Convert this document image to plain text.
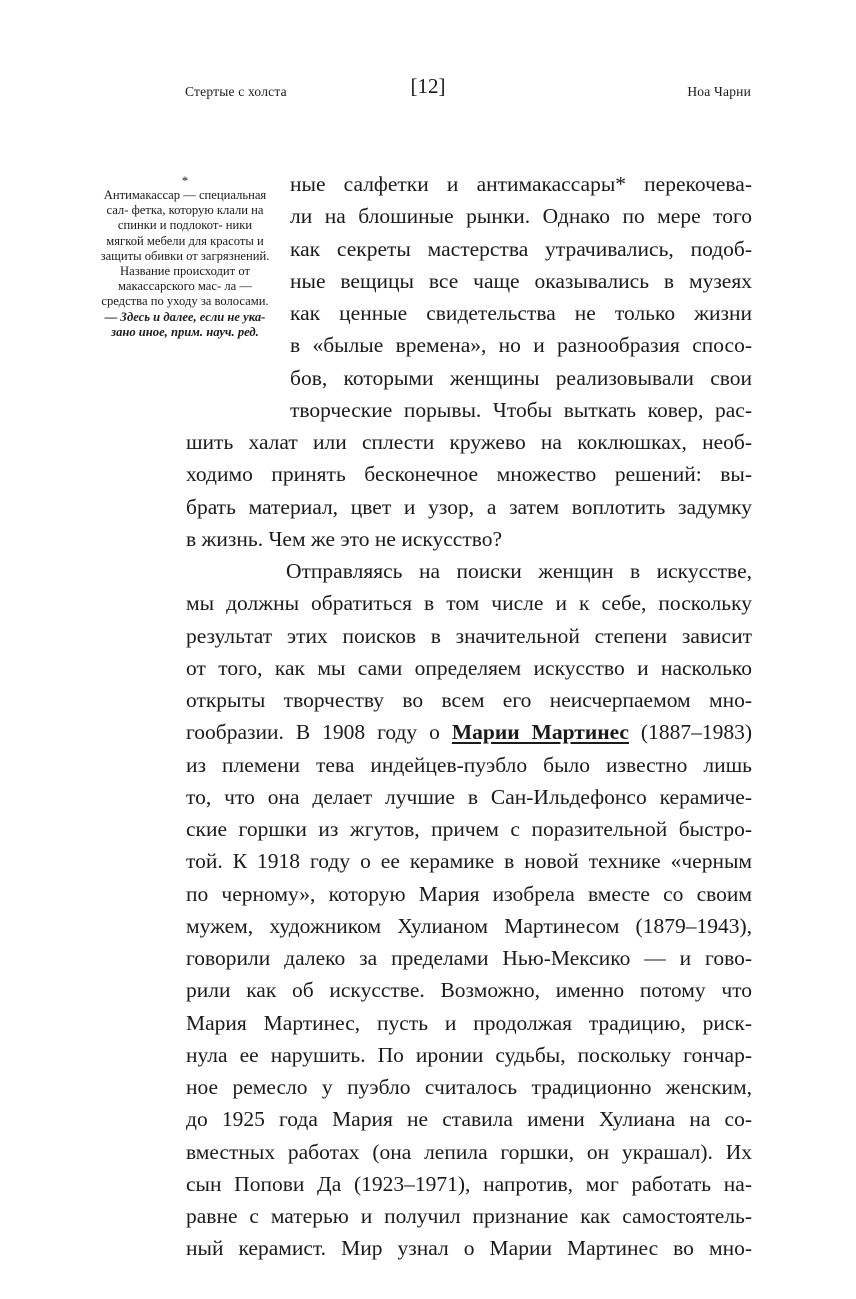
Стертые с холста	[12]	Ноа Чарни
*
Антимакассар — специальная сал- фетка, которую клали на спинки и подлокот- ники мягкой мебели для красоты и защиты обивки от загрязнений. Название происходит от макассарского мас- ла — средства по уходу за волосами. — Здесь и далее, если не ука- зано иное, прим. науч. ред.
ные салфетки и антимакассары* перекочева-
ли на блошиные рынки. Однако по мере того
как секреты мастерства утрачивались, подоб-
ные вещицы все чаще оказывались в музеях
как ценные свидетельства не только жизни
в «былые времена», но и разнообразия спосо-
бов, которыми женщины реализовывали свои
творческие порывы. Чтобы выткать ковер, рас-
шить халат или сплести кружево на коклюшках, необ-
ходимо принять бесконечное множество решений: вы-
брать материал, цвет и узор, а затем воплотить задумку
в жизнь. Чем же это не искусство?
Отправляясь на поиски женщин в искусстве,
мы должны обратиться в том числе и к себе, поскольку
результат этих поисков в значительной степени зависит
от того, как мы сами определяем искусство и насколько
открыты творчеству во всем его неисчерпаемом мно-
гообразии. В 1908 году о Марии Мартинес (1887–1983)
из племени тева индейцев-пуэбло было известно лишь
то, что она делает лучшие в Сан-Ильдефонсо керамиче-
ские горшки из жгутов, причем с поразительной быстро-
той. К 1918 году о ее керамике в новой технике «черным
по черному», которую Мария изобрела вместе со своим
мужем, художником Хулианом Мартинесом (1879–1943),
говорили далеко за пределами Нью-Мексико — и гово-
рили как об искусстве. Возможно, именно потому что
Мария Мартинес, пусть и продолжая традицию, риск-
нула ее нарушить. По иронии судьбы, поскольку гончар-
ное ремесло у пуэбло считалось традиционно женским,
до 1925 года Мария не ставила имени Хулиана на со-
вместных работах (она лепила горшки, он украшал). Их
сын Попови Да (1923–1971), напротив, мог работать на-
равне с матерью и получил признание как самостоятель-
ный керамист. Мир узнал о Марии Мартинес во мно-
